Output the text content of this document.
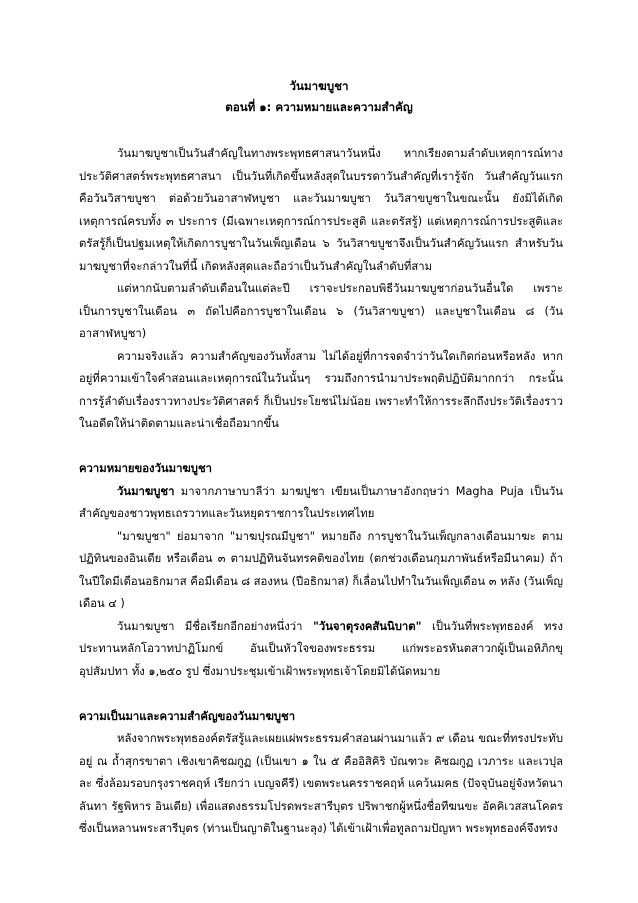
วันมาฆบูชา
ตอนที่ ๑: ความหมายและความสำคัญ

วันมาฆบูชาเป็นวันสำคัญในทางพระพุทธศาสนาวันหนึ่ง หากเรียงตามลำดับเหตุการณ์ทางประวัติศาสตร์พระพุทธศาสนา เป็นวันที่เกิดขึ้นหลังสุดในบรรดาวันสำคัญที่เรารู้จัก วันสำคัญวันแรกคือวันวิสาขบูชา ต่อด้วยวันอาสาฬหบูชา และวันมาฆบูชา วันวิสาขบูชาในขณะนั้น ยังมิได้เกิดเหตุการณ์ครบทั้ง ๓ ประการ (มีเฉพาะเหตุการณ์การประสูติ และตรัสรู้) แต่เหตุการณ์การประสูติและตรัสรู้ก็เป็นปฐมเหตุให้เกิดการบูชาในวันเพ็ญเดือน ๖ วันวิสาขบูชาจึงเป็นวันสำคัญวันแรก สำหรับวันมาฆบูชาที่จะกล่าวในที่นี้ เกิดหลังสุดและถือว่าเป็นวันสำคัญในลำดับที่สาม

แต่หากนับตามลำดับเดือนในแต่ละปี เราจะประกอบพิธีวันมาฆบูชาก่อนวันอื่นใด เพราะเป็นการบูชาในเดือน ๓ ถัดไปคือการบูชาในเดือน ๖ (วันวิสาขบูชา) และบูชาในเดือน ๘ (วันอาสาฬหบูชา)

ความจริงแล้ว ความสำคัญของวันทั้งสาม ไม่ได้อยู่ที่การจดจำว่าวันใดเกิดก่อนหรือหลัง หากอยู่ที่ความเข้าใจคำสอนและเหตุการณ์ในวันนั้นๆ รวมถึงการนำมาประพฤติปฏิบัติมากกว่า กระนั้น การรู้ลำดับเรื่องราวทางประวัติศาสตร์ ก็เป็นประโยชน์ไม่น้อย เพราะทำให้การระลึกถึงประวัติเรื่องราวในอดีตให้น่าติดตามและน่าเชื่อถือมากขึ้น

ความหมายของวันมาฆบูชา

วันมาฆบูชา มาจากภาษาบาลีว่า มาฆปูชา เขียนเป็นภาษาอังกฤษว่า Magha Puja เป็นวันสำคัญของชาวพุทธเถรวาทและวันหยุดราชการในประเทศไทย

"มาฆบูชา" ย่อมาจาก "มาฆปุรณมีบูชา" หมายถึง การบูชาในวันเพ็ญกลางเดือนมาฆะ ตามปฏิทินของอินเดีย หรือเดือน ๓ ตามปฏิทินจันทรคติของไทย (ตกช่วงเดือนกุมภาพันธ์หรือมีนาคม) ถ้าในปีใดมีเดือนอธิกมาส คือมีเดือน ๘ สองหน (ปีอธิกมาส) ก็เลื่อนไปทำในวันเพ็ญเดือน ๓ หลัง (วันเพ็ญเดือน ๔ )

วันมาฆบูชา มีชื่อเรียกอีกอย่างหนึ่งว่า "วันจาตุรงคสันนิบาต" เป็นวันที่พระพุทธองค์ ทรงประทานหลักโอวาทปาฏิโมกข์ อันเป็นหัวใจของพระธรรม แก่พระอรหันตสาวกผู้เป็นเอหิภิกขุอุปสัมปทา ทั้ง ๑,๒๕๐ รูป ซึ่งมาประชุมเข้าเฝ้าพระพุทธเจ้าโดยมิได้นัดหมาย

ความเป็นมาและความสำคัญของวันมาฆบูชา

หลังจากพระพุทธองค์ตรัสรู้และเผยแผ่พระธรรมคำสอนผ่านมาแล้ว ๙ เดือน ขณะที่ทรงประทับอยู่ ณ ถ้ำสุกรขาตา เชิงเขาคิชฌกูฏ (เป็นเขา ๑ ใน ๕ คืออิสิคิริ บัณฑวะ คิชฌกูฏ เวภาระ และเวปุลละ ซึ่งล้อมรอบกรุงราชคฤห์ เรียกว่า เบญจคีรี) เขตพระนครราชคฤห์ แคว้นมคธ (ปัจจุบันอยู่จังหวัดนาลันทา รัฐพิหาร อินเดีย) เพื่อแสดงธรรมโปรดพระสารีบุตร ปริพาชกผู้หนึ่งชื่อทีฆนขะ อัคคิเวสสนโคตร ซึ่งเป็นหลานพระสารีบุตร (ท่านเป็นญาติในฐานะลุง) ได้เข้าเฝ้าเพื่อทูลถามปัญหา พระพุทธองค์จึงทรง
